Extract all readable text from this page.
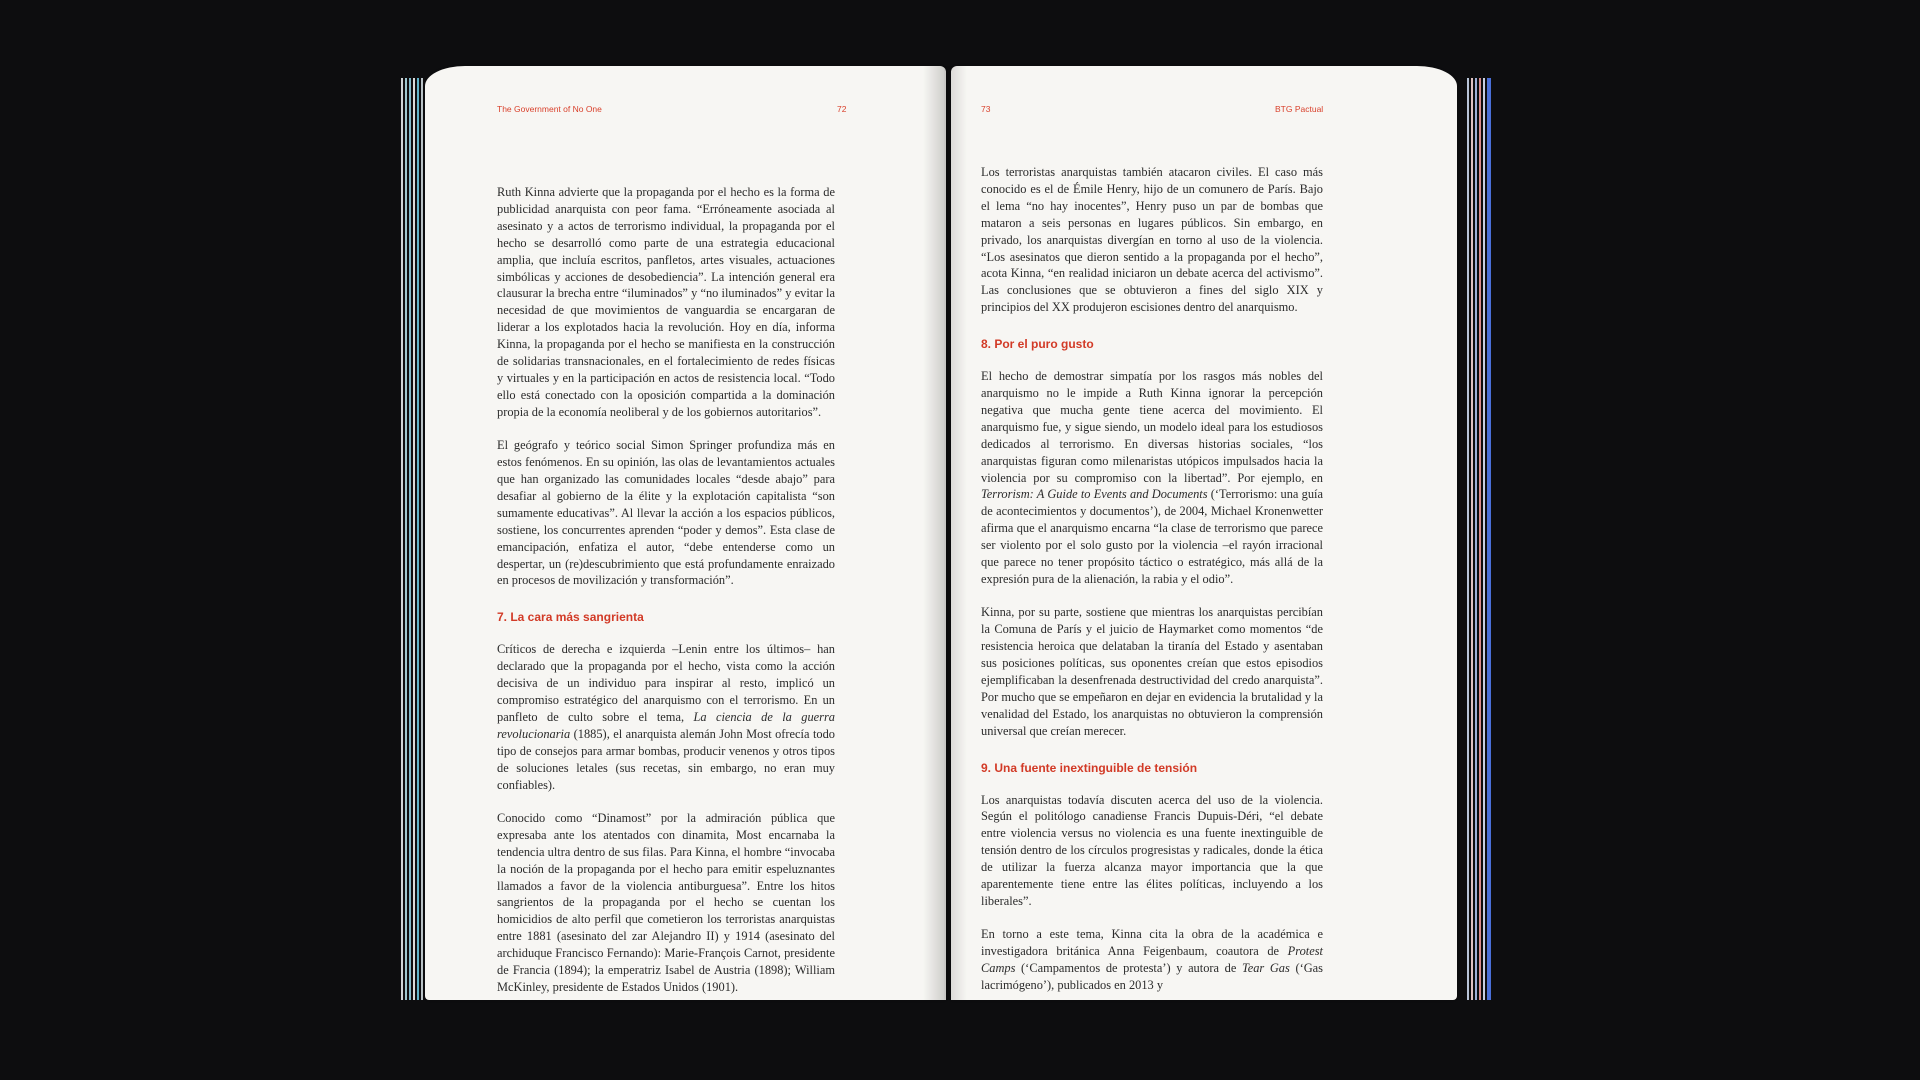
The Government of No One	72

Ruth Kinna advierte que la propaganda por el hecho es la forma de publicidad anarquista con peor fama. “Erróneamente asociada al asesinato y a actos de terrorismo individual, la propaganda por el hecho se desarrolló como parte de una estrategia educacional amplia, que incluía escritos, panfletos, artes visuales, actuaciones simbólicas y acciones de desobediencia”. La intención general era clausurar la brecha entre “iluminados” y “no iluminados” y evitar la necesidad de que movimientos de vanguardia se encargaran de liderar a los explotados hacia la revolución. Hoy en día, informa Kinna, la propaganda por el hecho se manifiesta en la construcción de solidarias transnacionales, en el fortalecimiento de redes físicas y virtuales y en la participación en actos de resistencia local. “Todo ello está conectado con la oposición compartida a la dominación propia de la economía neoliberal y de los gobiernos autoritarios”.

El geógrafo y teórico social Simon Springer profundiza más en estos fenómenos. En su opinión, las olas de levantamientos actuales que han organizado las comunidades locales “desde abajo” para desafiar al gobierno de la élite y la explotación capitalista “son sumamente educativas”. Al llevar la acción a los espacios públicos, sostiene, los concurrentes aprenden “poder y demos”. Esta clase de emancipación, enfatiza el autor, “debe entenderse como un despertar, un (re)descubrimiento que está profundamente enraizado en procesos de movilización y transformación”.

7. La cara más sangrienta

Críticos de derecha e izquierda –Lenin entre los últimos– han declarado que la propaganda por el hecho, vista como la acción decisiva de un individuo para inspirar al resto, implicó un compromiso estratégico del anarquismo con el terrorismo. En un panfleto de culto sobre el tema, La ciencia de la guerra revolucionaria (1885), el anarquista alemán John Most ofrecía todo tipo de consejos para armar bombas, producir venenos y otros tipos de soluciones letales (sus recetas, sin embargo, no eran muy confiables).

Conocido como “Dinamost” por la admiración pública que expresaba ante los atentados con dinamita, Most encarnaba la tendencia ultra dentro de sus filas. Para Kinna, el hombre “invocaba la noción de la propaganda por el hecho para emitir espeluznantes llamados a favor de la violencia antiburguesa”. Entre los hitos sangrientos de la propaganda por el hecho se cuentan los homicidios de alto perfil que cometieron los terroristas anarquistas entre 1881 (asesinato del zar Alejandro II) y 1914 (asesinato del archiduque Francisco Fernando): Marie-François Carnot, presidente de Francia (1894); la emperatriz Isabel de Austria (1898); William McKinley, presidente de Estados Unidos (1901).

73	BTG Pactual

Los terroristas anarquistas también atacaron civiles. El caso más conocido es el de Émile Henry, hijo de un comunero de París. Bajo el lema “no hay inocentes”, Henry puso un par de bombas que mataron a seis personas en lugares públicos. Sin embargo, en privado, los anarquistas divergían en torno al uso de la violencia. “Los asesinatos que dieron sentido a la propaganda por el hecho”, acota Kinna, “en realidad iniciaron un debate acerca del activismo”. Las conclusiones que se obtuvieron a fines del siglo XIX y principios del XX produjeron escisiones dentro del anarquismo.

8. Por el puro gusto

El hecho de demostrar simpatía por los rasgos más nobles del anarquismo no le impide a Ruth Kinna ignorar la percepción negativa que mucha gente tiene acerca del movimiento. El anarquismo fue, y sigue siendo, un modelo ideal para los estudiosos dedicados al terrorismo. En diversas historias sociales, “los anarquistas figuran como milenaristas utópicos impulsados hacia la violencia por su compromiso con la libertad”. Por ejemplo, en Terrorism: A Guide to Events and Documents (‘Terrorismo: una guía de acontecimientos y documentos’), de 2004, Michael Kronenwetter afirma que el anarquismo encarna “la clase de terrorismo que parece ser violento por el solo gusto por la violencia –el rayón irracional que parece no tener propósito táctico o estratégico, más allá de la expresión pura de la alienación, la rabia y el odio”.

Kinna, por su parte, sostiene que mientras los anarquistas percibían la Comuna de París y el juicio de Haymarket como momentos “de resistencia heroica que delataban la tiranía del Estado y asentaban sus posiciones políticas, sus oponentes creían que estos episodios ejemplificaban la desenfrenada destructividad del credo anarquista”. Por mucho que se empeñaron en dejar en evidencia la brutalidad y la venalidad del Estado, los anarquistas no obtuvieron la comprensión universal que creían merecer.

9. Una fuente inextinguible de tensión

Los anarquistas todavía discuten acerca del uso de la violencia. Según el politólogo canadiense Francis Dupuis-Déri, “el debate entre violencia versus no violencia es una fuente inextinguible de tensión dentro de los círculos progresistas y radicales, donde la ética de utilizar la fuerza alcanza mayor importancia que la que aparentemente tiene entre las élites políticas, incluyendo a los liberales”.

En torno a este tema, Kinna cita la obra de la académica e investigadora británica Anna Feigenbaum, coautora de Protest Camps (‘Campamentos de protesta’) y autora de Tear Gas (‘Gas lacrimógeno’), publicados en 2013 y
